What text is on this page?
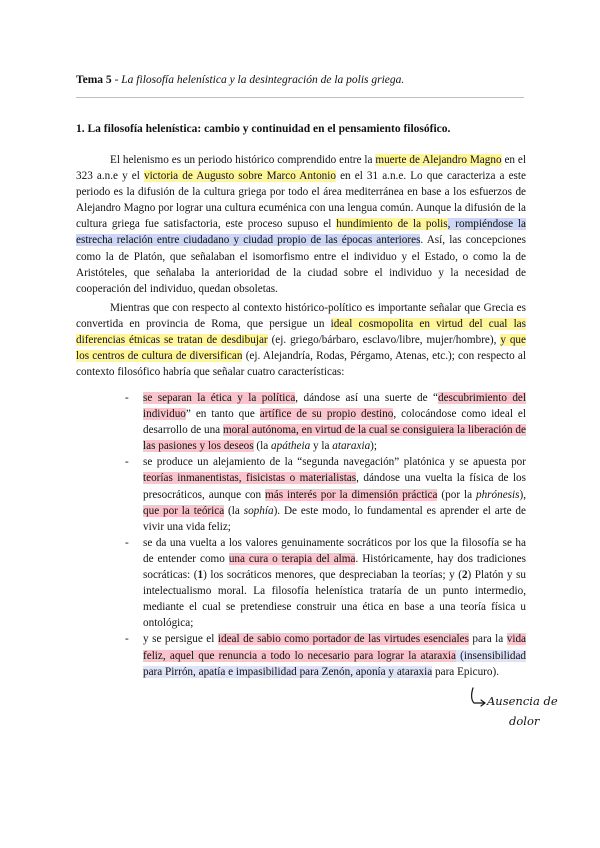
Tema 5 - La filosofía helenística y la desintegración de la polis griega.
1. La filosofía helenística: cambio y continuidad en el pensamiento filosófico.

El helenismo es un periodo histórico comprendido entre la muerte de Alejandro Magno en el 323 a.n.e y el victoria de Augusto sobre Marco Antonio en el 31 a.n.e. Lo que caracteriza a este periodo es la difusión de la cultura griega por todo el área mediterránea en base a los esfuerzos de Alejandro Magno por lograr una cultura ecuménica con una lengua común. Aunque la difusión de la cultura griega fue satisfactoria, este proceso supuso el hundimiento de la polis, rompiéndose la estrecha relación entre ciudadano y ciudad propio de las épocas anteriores. Así, las concepciones como la de Platón, que señalaban el isomorfismo entre el individuo y el Estado, o como la de Aristóteles, que señalaba la anterioridad de la ciudad sobre el individuo y la necesidad de cooperación del individuo, quedan obsoletas.

Mientras que con respecto al contexto histórico-político es importante señalar que Grecia es convertida en provincia de Roma, que persigue un ideal cosmopolita en virtud del cual las diferencias étnicas se tratan de desdibujar (ej. griego/bárbaro, esclavo/libre, mujer/hombre), y que los centros de cultura de diversifican (ej. Alejandría, Rodas, Pérgamo, Atenas, etc.); con respecto al contexto filosófico habría que señalar cuatro características:

- se separan la ética y la política, dándose así una suerte de “descubrimiento del individuo” en tanto que artífice de su propio destino, colocándose como ideal el desarrollo de una moral autónoma, en virtud de la cual se consiguiera la liberación de las pasiones y los deseos (la apátheia y la ataraxia);
- se produce un alejamiento de la “segunda navegación” platónica y se apuesta por teorías inmanentistas, fisicistas o materialistas, dándose una vuelta la física de los presocráticos, aunque con más interés por la dimensión práctica (por la phrónesis), que por la teórica (la sophía). De este modo, lo fundamental es aprender el arte de vivir una vida feliz;
- se da una vuelta a los valores genuinamente socráticos por los que la filosofía se ha de entender como una cura o terapia del alma. Históricamente, hay dos tradiciones socráticas: (1) los socráticos menores, que despreciaban la teorías; y (2) Platón y su intelectualismo moral. La filosofía helenística trataría de un punto intermedio, mediante el cual se pretendiese construir una ética en base a una teoría física u ontológica;
- y se persigue el ideal de sabio como portador de las virtudes esenciales para la vida feliz, aquel que renuncia a todo lo necesario para lograr la ataraxia (insensibilidad para Pirrón, apatía e impasibilidad para Zenón, aponía y ataraxia para Epicuro).
Ausencia de
dolor
